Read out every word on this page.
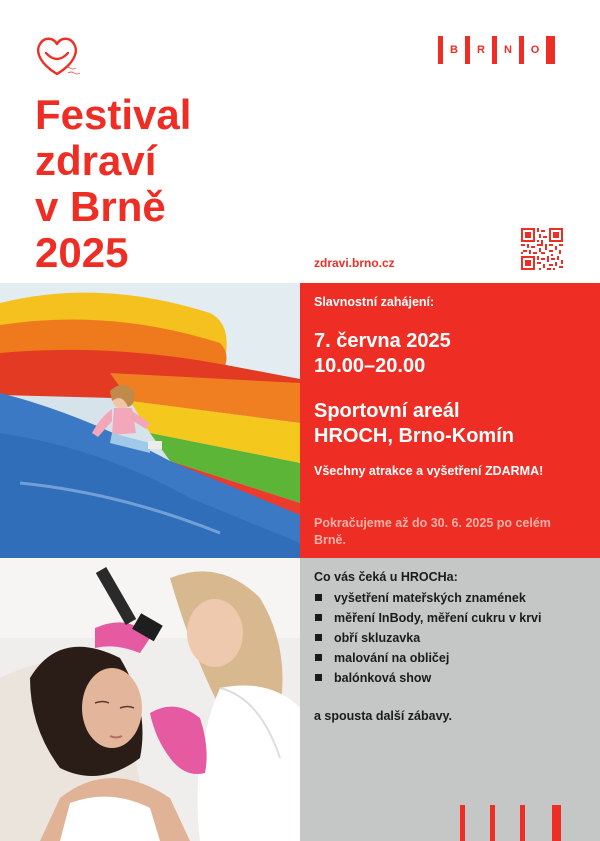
B	R	N	O
Festival
zdraví
v Brně
2025	zdravi.brno.cz
Slavnostní zahájení:
7. června 2025
10.00–20.00
Sportovní areál
HROCH, Brno-Komín
Všechny atrakce a vyšetření ZDARMA!
Pokračujeme až do 30. 6. 2025 po celém Brně.
Co vás čeká u HROCHa:
vyšetření mateřských znamének
měření InBody, měření cukru v krvi
obří skluzavka
malování na obličej
balónková show
a spousta další zábavy.
